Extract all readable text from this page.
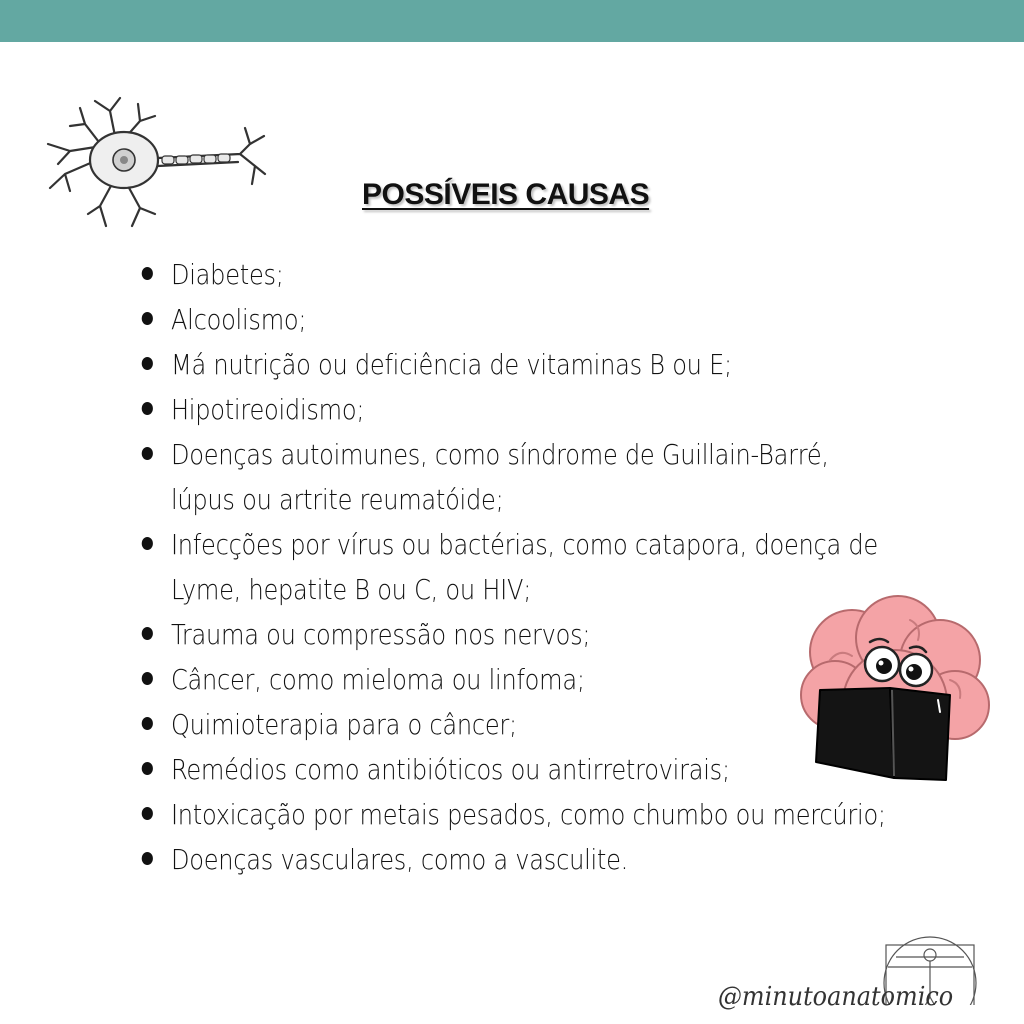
POSSÍVEIS CAUSAS
Diabetes;
Alcoolismo;
Má nutrição ou deficiência de vitaminas B ou E;
Hipotireoidismo;
Doenças autoimunes, como síndrome de Guillain-Barré,
lúpus ou artrite reumatóide;
Infecções por vírus ou bactérias, como catapora, doença de
Lyme, hepatite B ou C, ou HIV;
Trauma ou compressão nos nervos;
Câncer, como mieloma ou linfoma;
Quimioterapia para o câncer;
Remédios como antibióticos ou antirretrovirais;
Intoxicação por metais pesados, como chumbo ou mercúrio;
Doenças vasculares, como a vasculite.
@minutoanatomico
